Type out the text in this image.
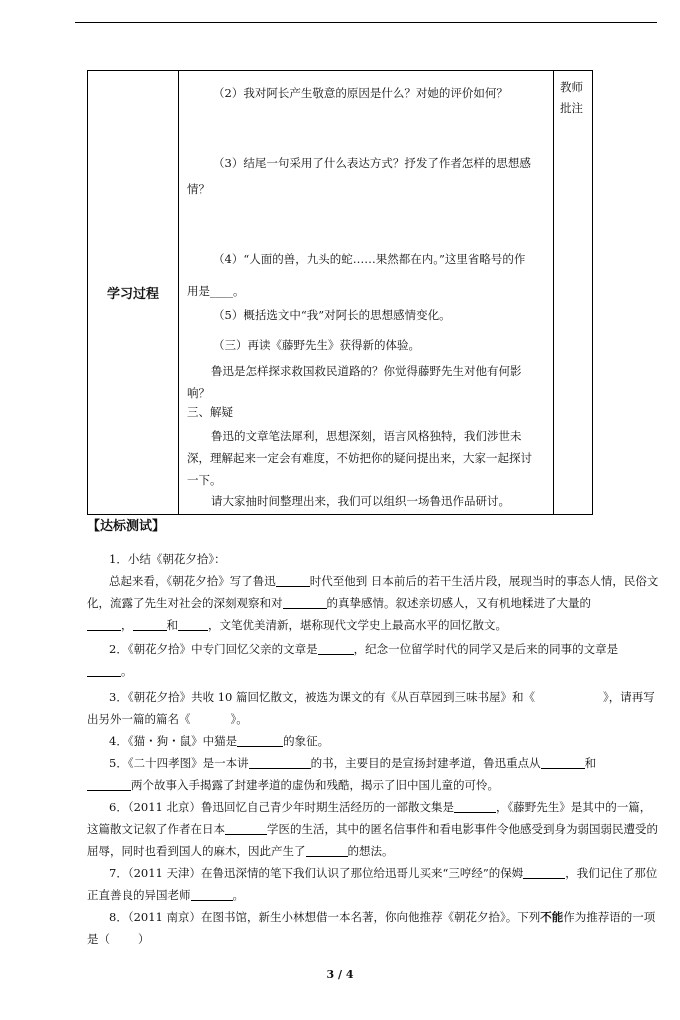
学习过程	

（2）我对阿长产生敬意的原因是什么？对她的评价如何？

（3）结尾一句采用了什么表达方式？抒发了作者怎样的思想感

情？

（4）“人面的兽，九头的蛇……果然都在内。”这里省略号的作

用是____。

（5）概括选文中“我”对阿长的思想感情变化。

（三）再读《藤野先生》获得新的体验。

鲁迅是怎样探求救国救民道路的？你觉得藤野先生对他有何影响？

三、解疑

鲁迅的文章笔法犀利，思想深刻，语言风格独特，我们涉世未深，理解起来一定会有难度，不妨把你的疑问提出来，大家一起探讨一下。

请大家抽时间整理出来，我们可以组织一场鲁迅作品研讨。

教师批注

【达标测试】

1．小结《朝花夕拾》：

总起来看，《朝花夕拾》写了鲁迅	时代至他到 日本前后的若干生活片段，展现当时的事态人情，民俗文化，流露了先生对社会的深刻观察和对	的真挚感情。叙述亲切感人，又有机地糅进了大量的
，	和	，文笔优美清新，堪称现代文学史上最高水平的回忆散文。

2．《朝花夕拾》中专门回忆父亲的文章是	，纪念一位留学时代的同学又是后来的同事的文章是
。

3．《朝花夕拾》共收 10 篇回忆散文，被选为课文的有《从百草园到三味书屋》和《	》，请再写出另外一篇的篇名《	》。

4．《猫・狗・鼠》中猫是	的象征。

5．《二十四孝图》是一本讲	的书，主要目的是宣扬封建孝道，鲁迅重点从	和
两个故事入手揭露了封建孝道的虚伪和残酷，揭示了旧中国儿童的可怜。

6．（2011 北京）鲁迅回忆自己青少年时期生活经历的一部散文集是	，《藤野先生》是其中的一篇，这篇散文记叙了作者在日本	学医的生活，其中的匿名信事件和看电影事件令他感受到身为弱国弱民遭受的屈辱，同时也看到国人的麻木，因此产生了	的想法。

7．（2011 天津）在鲁迅深情的笔下我们认识了那位给迅哥儿买来“三哼经”的保姆	，我们记住了那位正直善良的异国老师	。

8．（2011 南京）在图书馆，新生小林想借一本名著，你向他推荐《朝花夕拾》。下列不能作为推荐语的一项是（ ）

3 / 4
